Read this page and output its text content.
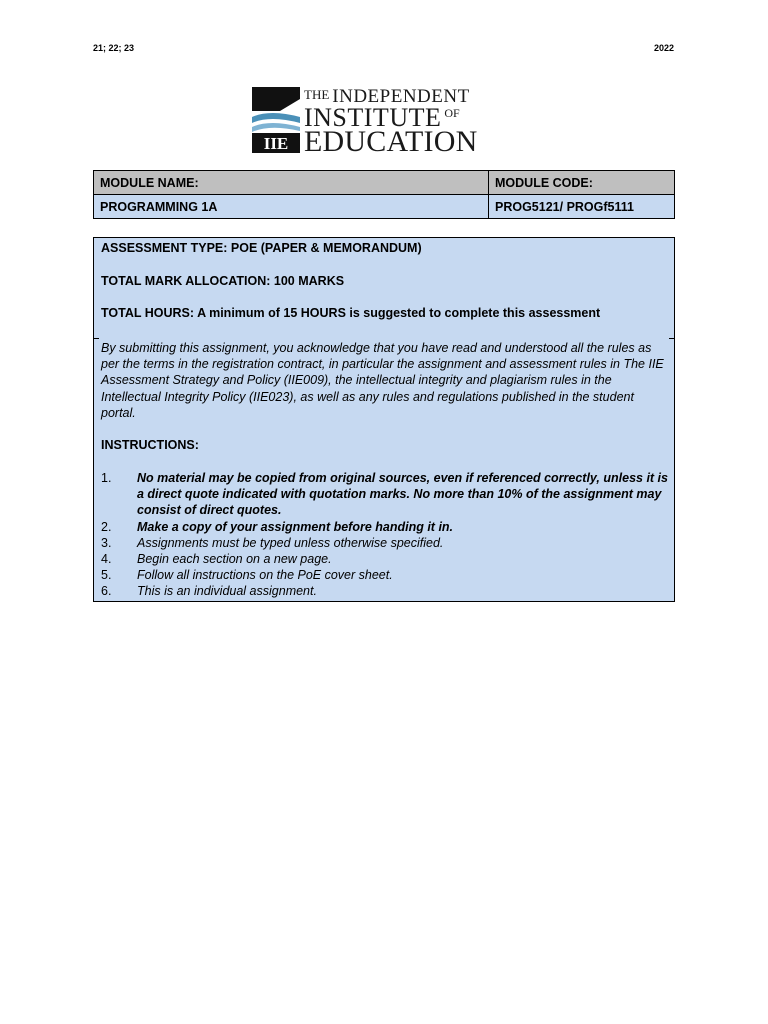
21; 22; 23	2022
IIE
THE INDEPENDENT
INSTITUTE $^{OF}$
EDUCATION
MODULE NAME:	MODULE CODE:
PROGRAMMING 1A	PROG5121/ PROGf5111
ASSESSMENT TYPE: POE (PAPER & MEMORANDUM)
TOTAL MARK ALLOCATION: 100 MARKS
TOTAL HOURS: A minimum of 15 HOURS is suggested to complete this assessment
By submitting this assignment, you acknowledge that you have read and understood all the rules as per the terms in the registration contract, in particular the assignment and assessment rules in The IIE Assessment Strategy and Policy (IIE009), the intellectual integrity and plagiarism rules in the Intellectual Integrity Policy (IIE023), as well as any rules and regulations published in the student portal.
INSTRUCTIONS:
1. No material may be copied from original sources, even if referenced correctly, unless it is a direct quote indicated with quotation marks. No more than 10% of the assignment may consist of direct quotes.
2. Make a copy of your assignment before handing it in.
3. Assignments must be typed unless otherwise specified.
4. Begin each section on a new page.
5. Follow all instructions on the PoE cover sheet.
6. This is an individual assignment.
